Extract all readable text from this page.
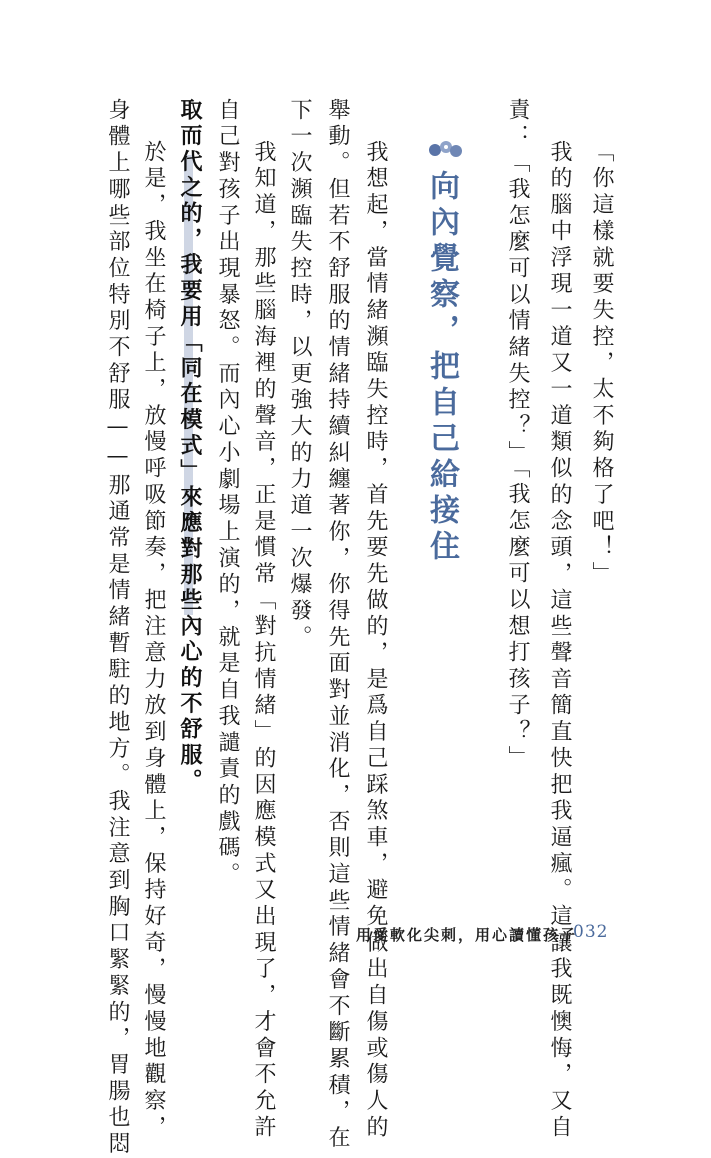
「你這樣就要失控，太不夠格了吧！」
我的腦中浮現一道又一道類似的念頭，這些聲音簡直快把我逼瘋。這讓我既懊悔，又自
責：「我怎麼可以情緒失控？」「我怎麼可以想打孩子？」
向內覺察，把自己給接住
我想起，當情緒瀕臨失控時，首先要先做的，是爲自己踩煞車，避免做出自傷或傷人的
舉動。但若不舒服的情緒持續糾纏著你，你得先面對並消化，否則這些情緒會不斷累積，在
下一次瀕臨失控時，以更強大的力道一次爆發。
我知道，那些腦海裡的聲音，正是慣常「對抗情緒」的因應模式又出現了，才會不允許
自己對孩子出現暴怒。而內心小劇場上演的，就是自我譴責的戲碼。
取而代之的，我要用「同在模式」來應對那些內心的不舒服。
於是，我坐在椅子上，放慢呼吸節奏，把注意力放到身體上，保持好奇，慢慢地觀察，
身體上哪些部位特別不舒服——那通常是情緒暫駐的地方。我注意到胸口緊緊的，胃腸也悶	用愛軟化尖刺，用心讀懂孩子
032
